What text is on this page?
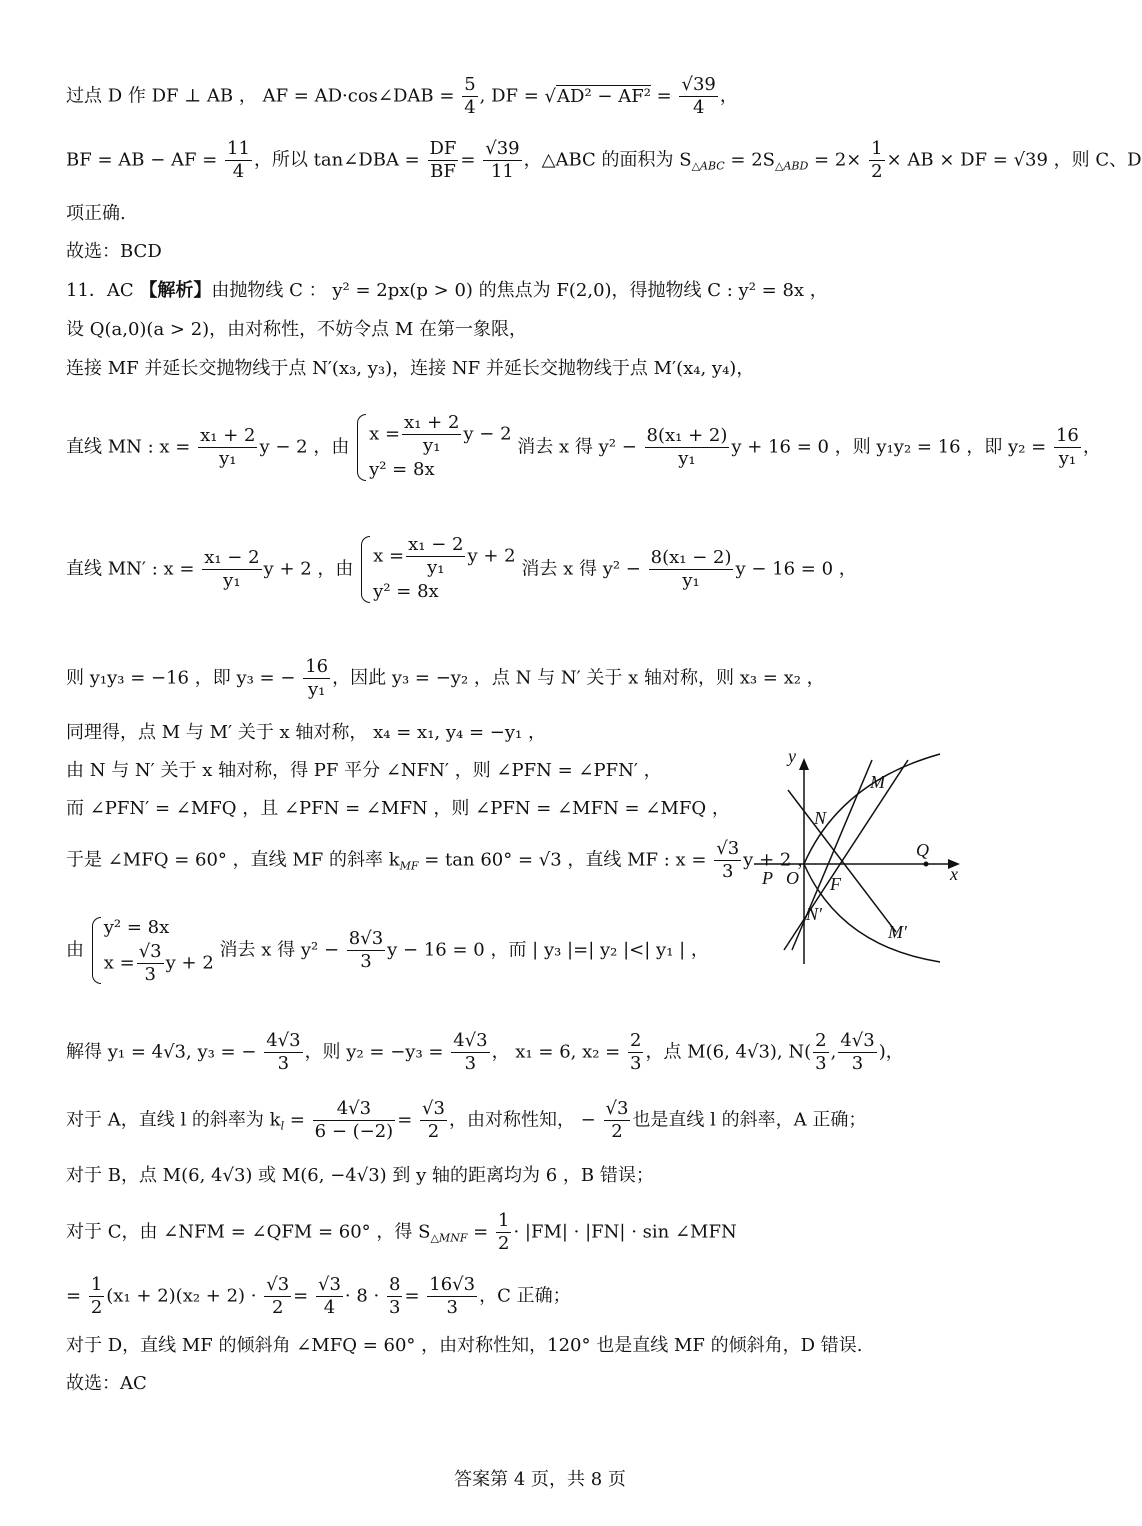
过点 D 作 DF ⊥ AB ， AF = AD·cos∠DAB = $\frac{5}{4}$ , DF = √ $AD^2 - AF^2 = \frac{√39}{4}$ ，
BF = AB − AF = $\frac{11}{4}$ ，所以 tan∠DBA = $\frac{DF}{BF} = \frac{√39}{11}$ ，△ABC 的面积为 $S_{\triangle ABC} = 2S_{\triangle ABD} = 2\times \frac{1}{2}$ × AB × DF = √39 ，则 C、D
项正确.
故选：BCD
11．AC 【解析】由抛物线 C ： y² = 2px(p > 0) 的焦点为 F(2,0)，得抛物线 C : y² = 8x ，
设 Q(a,0)(a > 2)，由对称性，不妨令点 M 在第一象限，
连接 MF 并延长交抛物线于点 N′(x₃, y₃)，连接 NF 并延长交抛物线于点 M′(x₄, y₄)，
直线 MN : $x = \frac{\text{x₁ + 2}}{\text{y₁}}$ y − 2 ，由
$x = \frac{\text{x₁ + 2}}{\text{y₁}}$ y − 2
y² = 8x
消去 x 得 $y^2 - \frac{\text{8(x₁ + 2)}}{\text{y₁}}$ y + 16 = 0 ，则 y₁y₂ = 16 ，即 $y_2 = \frac{16}{\text{y₁}}$ ，
直线 MN′ : $x = \frac{\text{x₁ − 2}}{\text{y₁}}$ y + 2 ，由
$x = \frac{\text{x₁ − 2}}{\text{y₁}}$ y + 2
y² = 8x
消去 x 得 $y^2 - \frac{\text{8(x₁ − 2)}}{\text{y₁}}$ y − 16 = 0 ，
则 y₁y₃ = −16 ，即 y₃ = − $\frac{16}{\text{y₁}}$ ，因此 y₃ = −y₂ ，点 N 与 N′ 关于 x 轴对称，则 x₃ = x₂ ，
同理得，点 M 与 M′ 关于 x 轴对称， x₄ = x₁, y₄ = −y₁ ，
由 N 与 N′ 关于 x 轴对称，得 PF 平分 ∠NFN′ ，则 ∠PFN = ∠PFN′ ，
而 ∠PFN′ = ∠MFQ ，且 ∠PFN = ∠MFN ，则 ∠PFN = ∠MFN = ∠MFQ ，
于是 ∠MFQ = 60° ，直线 MF 的斜率 $k_{MF} = \tan 60^\circ = √3$ ，直线 MF : $x = \frac{√3}{3}$ y + 2 ，
由
y² = 8x
$x = \frac{√3}{3}$ y + 2
消去 x 得 $y^2 - \frac{8√3}{3}$ y − 16 = 0 ，而 | y₃ |=| y₂ |<| y₁ | ，
解得 y₁ = 4√3, y₃ = − $\frac{4√3}{3}$ ，则 $y_2 = -y_3 = \frac{4√3}{3}$ ， x₁ = 6, $x_2 = \frac{2}{3}$ ，点 M(6, 4√3), $N( \frac{2}{3}$ , $\frac{4√3}{3}$ )，
对于 A，直线 l 的斜率为 $k_l = \frac{4√3}{6 - (-2)} = \frac{√3}{2}$ ，由对称性知， − $\frac{√3}{2}$ 也是直线 l 的斜率，A 正确；
对于 B，点 M(6, 4√3) 或 M(6, −4√3) 到 y 轴的距离均为 6 ，B 错误；
对于 C，由 ∠NFM = ∠QFM = 60° ，得 $S_{\triangle MNF} = \frac{1}{2} \cdot |FM| \cdot |FN| \cdot \sin$ ∠MFN
= $\frac{1}{2} (x_1 + 2)(x_2 + 2) \cdot \frac{√3}{2} = \frac{√3}{4} \cdot 8 \cdot \frac{8}{3} = \frac{16√3}{3}$ ，C 正确；
对于 D，直线 MF 的倾斜角 ∠MFQ = 60° ，由对称性知，120° 也是直线 MF 的倾斜角，D 错误.
故选：AC
y
x
O
P	F
Q
M
N
N′
M′
答案第 4 页，共 8 页
